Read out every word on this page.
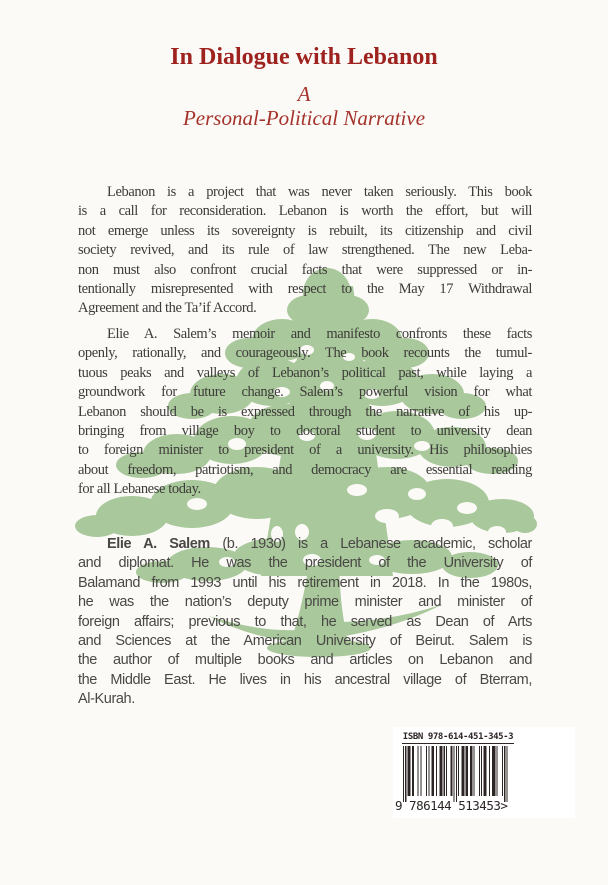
In Dialogue with Lebanon
A
Personal-Political Narrative
Lebanon is a project that was never taken seriously. This book
is a call for reconsideration. Lebanon is worth the effort, but will
not emerge unless its sovereignty is rebuilt, its citizenship and civil
society revived, and its rule of law strengthened. The new Leba-
non must also confront crucial facts that were suppressed or in-
tentionally misrepresented with respect to the May 17 Withdrawal
Agreement and the Ta’if Accord.
Elie A. Salem’s memoir and manifesto confronts these facts
openly, rationally, and courageously. The book recounts the tumul-
tuous peaks and valleys of Lebanon’s political past, while laying a
groundwork for future change. Salem’s powerful vision for what
Lebanon should be is expressed through the narrative of his up-
bringing from village boy to doctoral student to university dean
to foreign minister to president of a university. His philosophies
about freedom, patriotism, and democracy are essential reading
for all Lebanese today.
Elie A. Salem (b. 1930) is a Lebanese academic, scholar
and diplomat. He was the president of the University of
Balamand from 1993 until his retirement in 2018. In the 1980s,
he was the nation’s deputy prime minister and minister of
foreign affairs; previous to that, he served as Dean of Arts
and Sciences at the American University of Beirut. Salem is
the author of multiple books and articles on Lebanon and
the Middle East. He lives in his ancestral village of Bterram,
Al-Kurah.
ISBN 978-614-451-345-3
9 786144 513453>
